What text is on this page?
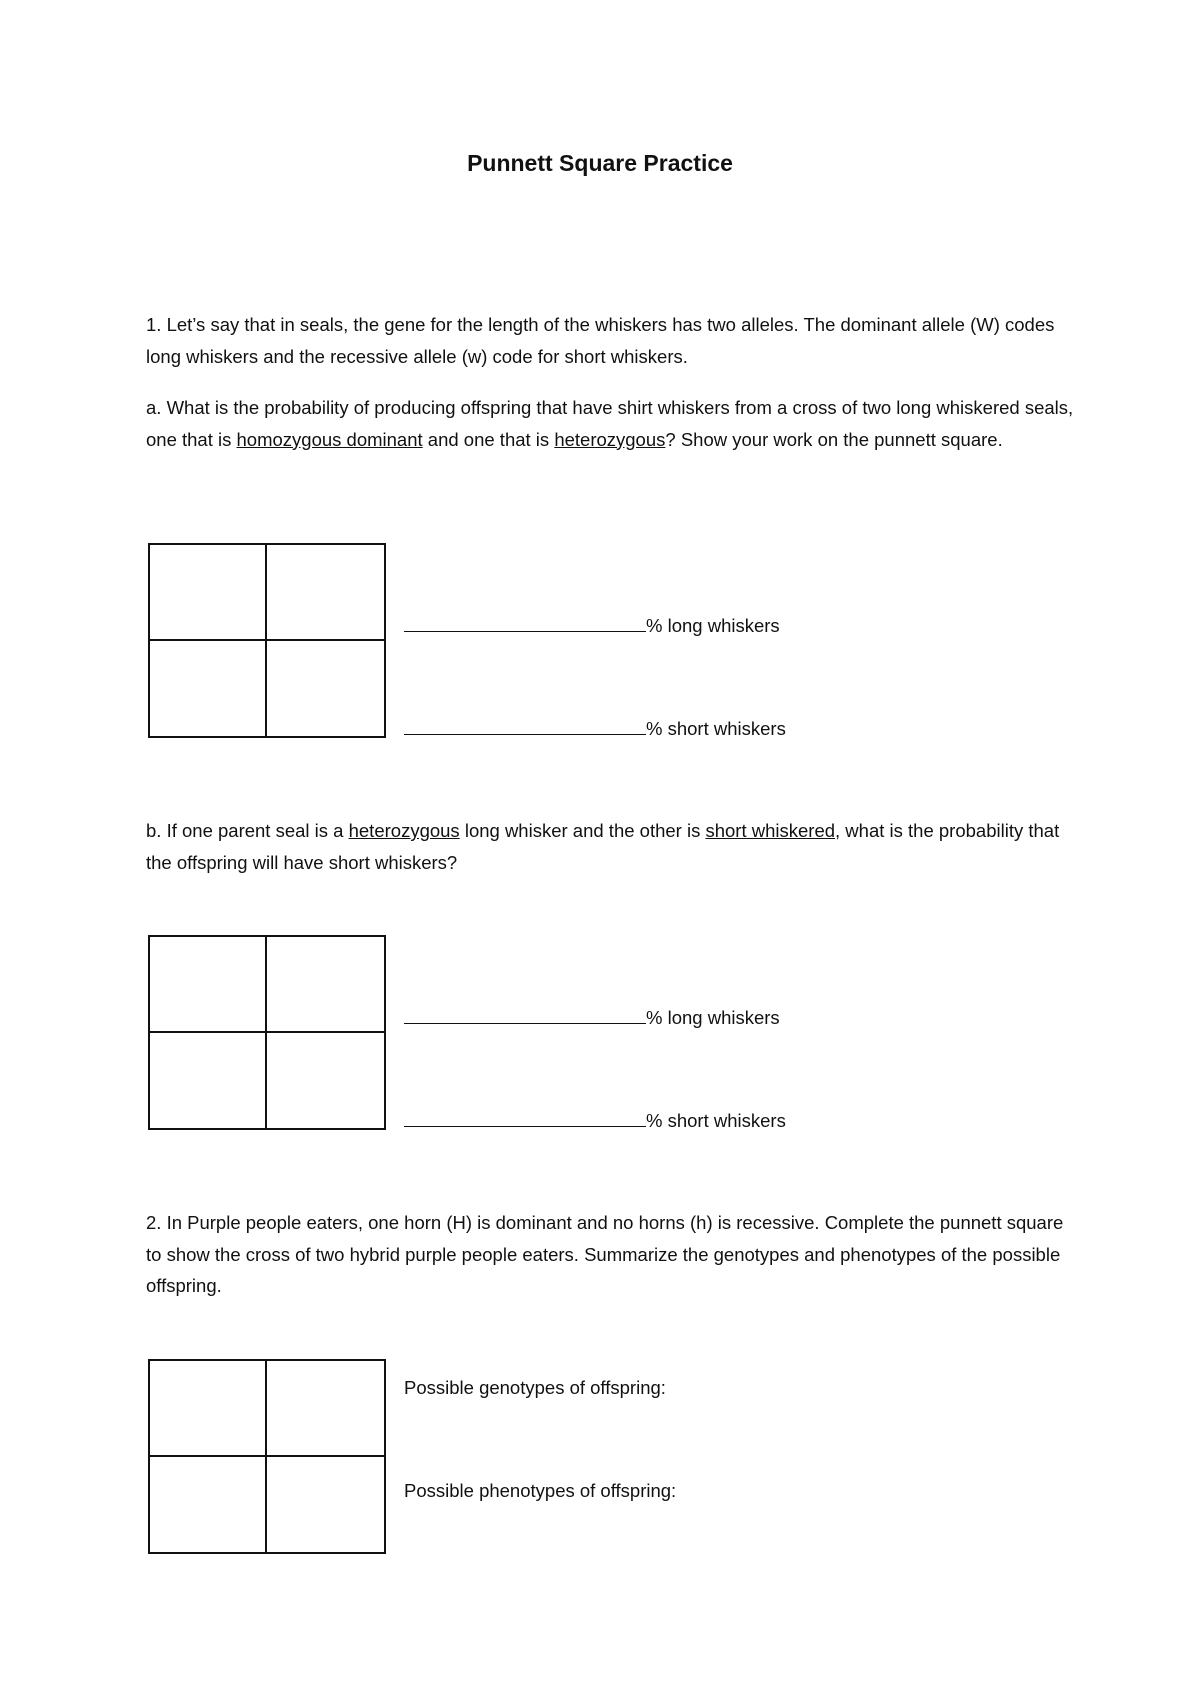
Punnett Square Practice

1. Let’s say that in seals, the gene for the length of the whiskers has two alleles. The dominant allele (W) codes long whiskers and the recessive allele (w) code for short whiskers.

a. What is the probability of producing offspring that have shirt whiskers from a cross of two long whiskered seals, one that is homozygous dominant and one that is heterozygous? Show your work on the punnett square.

% long whiskers
% short whiskers

b. If one parent seal is a heterozygous long whisker and the other is short whiskered, what is the probability that the offspring will have short whiskers?

% long whiskers
% short whiskers

2. In Purple people eaters, one horn (H) is dominant and no horns (h) is recessive. Complete the punnett square to show the cross of two hybrid purple people eaters. Summarize the genotypes and phenotypes of the possible offspring.

Possible genotypes of offspring:
Possible phenotypes of offspring:
